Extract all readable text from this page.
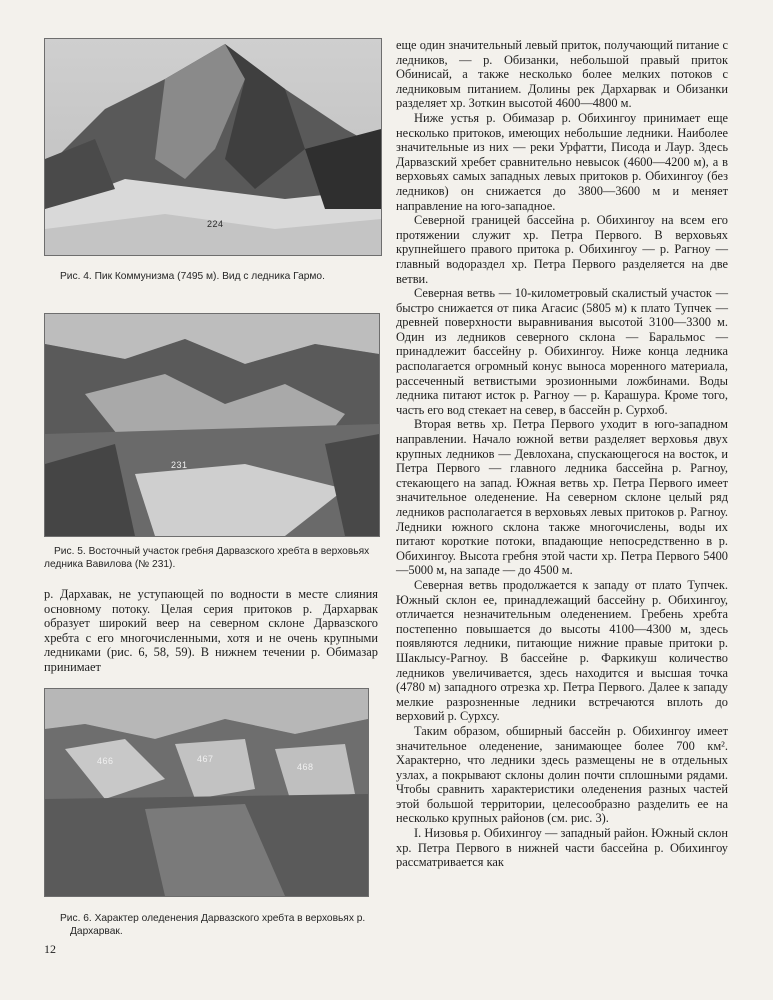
224
Рис. 4. Пик Коммунизма (7495 м). Вид с ледника Гармо.
231
Рис. 5. Восточный участок гребня Дарвазского хребта в верховьях ледника Вавилова (№ 231).
466	467
468
Рис. 6. Характер оледенения Дарвазского хребта в верховьях р. Дархарвак.

р. Дархавак, не уступающей по водности в месте слияния основному потоку. Целая серия притоков р. Дархарвак образует широкий веер на северном склоне Дарвазского хребта с его многочисленными, хотя и не очень крупными ледниками (рис. 6, 58, 59). В нижнем течении р. Обимазар принимает

еще один значительный левый приток, получающий питание с ледников, — р. Обизанки, небольшой правый приток Обинисай, а также несколько более мелких потоков с ледниковым питанием. Долины рек Дархарвак и Обизанки разделяет хр. Зоткин высотой 4600—4800 м.

Ниже устья р. Обимазар р. Обихингоу принимает еще несколько притоков, имеющих небольшие ледники. Наиболее значительные из них — реки Урфатти, Писода и Лаур. Здесь Дарвазский хребет сравнительно невысок (4600—4200 м), а в верховьях самых западных левых притоков р. Обихингоу (без ледников) он снижается до 3800—3600 м и меняет направление на юго-западное.

Северной границей бассейна р. Обихингоу на всем его протяжении служит хр. Петра Первого. В верховьях крупнейшего правого притока р. Обихингоу — р. Рагноу — главный водораздел хр. Петра Первого разделяется на две ветви.

Северная ветвь — 10-километровый скалистый участок — быстро снижается от пика Агасис (5805 м) к плато Тупчек — древней поверхности выравнивания высотой 3100—3300 м. Один из ледников северного склона — Баральмос — принадлежит бассейну р. Обихингоу. Ниже конца ледника располагается огромный конус выноса моренного материала, рассеченный ветвистыми эрозионными ложбинами. Воды ледника питают исток р. Рагноу — р. Карашура. Кроме того, часть его вод стекает на север, в бассейн р. Сурхоб.

Вторая ветвь хр. Петра Первого уходит в юго-западном направлении. Начало южной ветви разделяет верховья двух крупных ледников — Девлохана, спускающегося на восток, и Петра Первого — главного ледника бассейна р. Рагноу, стекающего на запад. Южная ветвь хр. Петра Первого имеет значительное оледенение. На северном склоне целый ряд ледников располагается в верховьях левых притоков р. Рагноу. Ледники южного склона также многочислены, воды их питают короткие потоки, впадающие непосредственно в р. Обихингоу. Высота гребня этой части хр. Петра Первого 5400—5000 м, на западе — до 4500 м.

Северная ветвь продолжается к западу от плато Тупчек. Южный склон ее, принадлежащий бассейну р. Обихингоу, отличается незначительным оледенением. Гребень хребта постепенно повышается до высоты 4100—4300 м, здесь появляются ледники, питающие нижние правые притоки р. Шаклысу-Рагноу. В бассейне р. Фаркикуш количество ледников увеличивается, здесь находится и высшая точка (4780 м) западного отрезка хр. Петра Первого. Далее к западу мелкие разрозненные ледники встречаются вплоть до верховий р. Сурхсу.

Таким образом, обширный бассейн р. Обихингоу имеет значительное оледенение, занимающее более 700 км². Характерно, что ледники здесь размещены не в отдельных узлах, а покрывают склоны долин почти сплошными рядами. Чтобы сравнить характеристики оледенения разных частей этой большой территории, целесообразно разделить ее на несколько крупных районов (см. рис. 3).

I. Низовья р. Обихингоу — западный район. Южный склон хр. Петра Первого в нижней части бассейна р. Обихингоу рассматривается как

12
